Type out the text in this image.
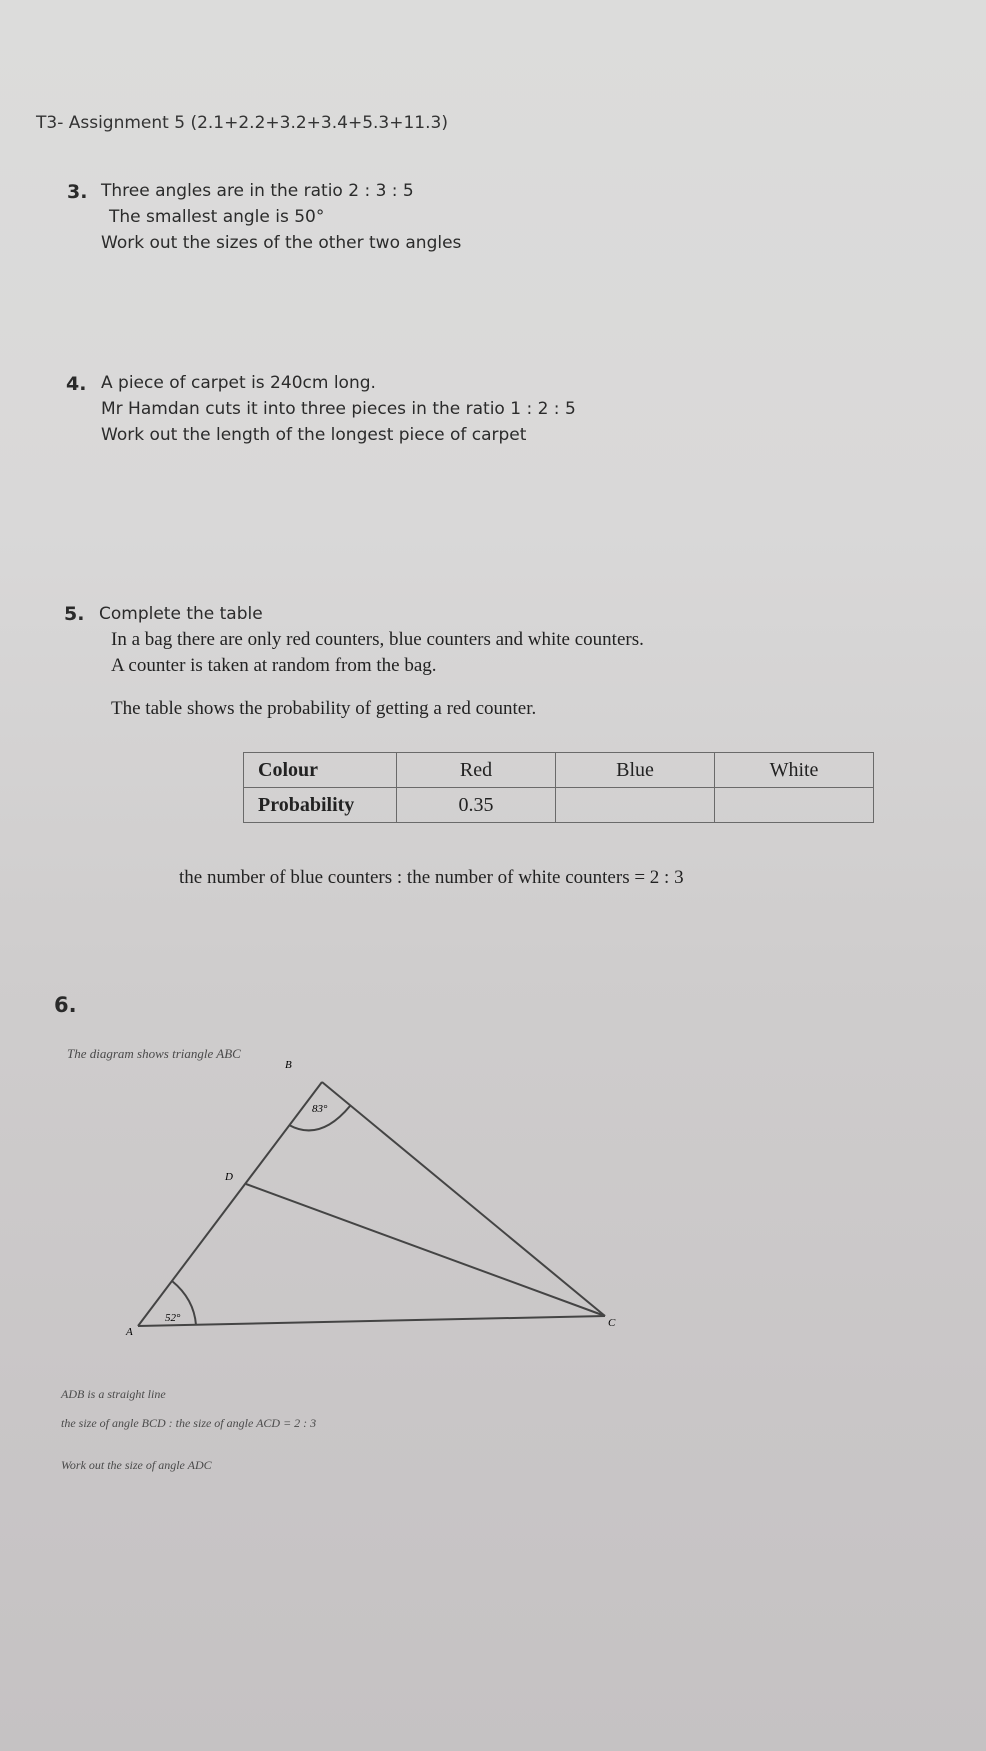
T3- Assignment 5 (2.1+2.2+3.2+3.4+5.3+11.3)
3. Three angles are in the ratio 2 : 3 : 5
The smallest angle is 50°
Work out the sizes of the other two angles
4. A piece of carpet is 240cm long.
Mr Hamdan cuts it into three pieces in the ratio 1 : 2 : 5
Work out the length of the longest piece of carpet
5. Complete the table
In a bag there are only red counters, blue counters and white counters.
A counter is taken at random from the bag.
The table shows the probability of getting a red counter.
Colour	Red	Blue	White
Probability	0.35		
the number of blue counters : the number of white counters = 2 : 3
6.
The diagram shows triangle ABC
B
83°
D
52°
A
C
ADB is a straight line
the size of angle BCD : the size of angle ACD = 2 : 3
Work out the size of angle ADC
